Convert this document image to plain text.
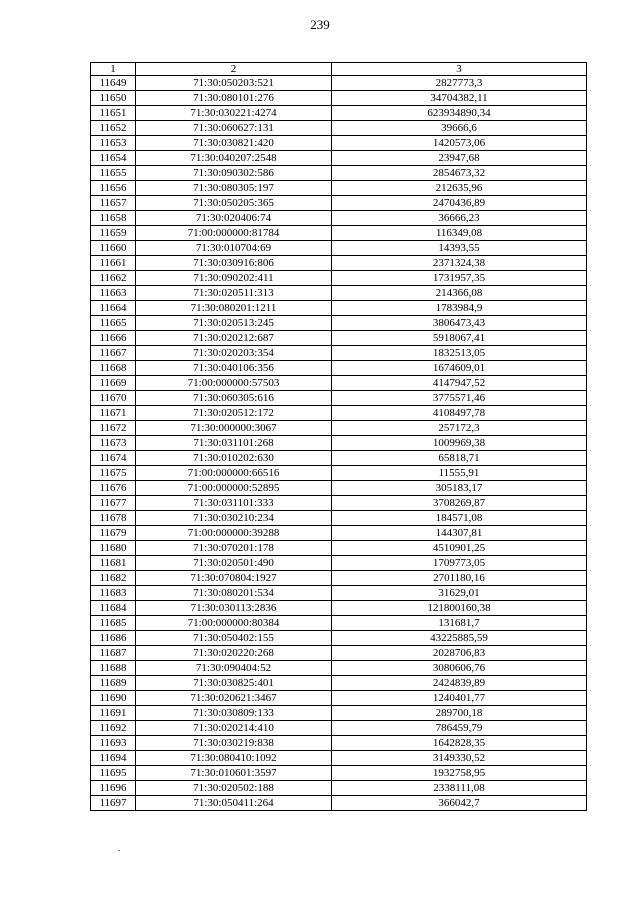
239
1	2	3
11649	71:30:050203:521	2827773,3
11650	71:30:080101:276	34704382,11
11651	71:30:030221:4274	623934890,34
11652	71:30:060627:131	39666,6
11653	71:30:030821:420	1420573,06
11654	71:30:040207:2548	23947,68
11655	71:30:090302:586	2854673,32
11656	71:30:080305:197	212635,96
11657	71:30:050205:365	2470436,89
11658	71:30:020406:74	36666,23
11659	71:00:000000:81784	116349,08
11660	71:30:010704:69	14393,55
11661	71:30:030916:806	2371324,38
11662	71:30:090202:411	1731957,35
11663	71:30:020511:313	214366,08
11664	71:30:080201:1211	1783984,9
11665	71:30:020513:245	3806473,43
11666	71:30:020212:687	5918067,41
11667	71:30:020203:354	1832513,05
11668	71:30:040106:356	1674609,01
11669	71:00:000000:57503	4147947,52
11670	71:30:060305:616	3775571,46
11671	71:30:020512:172	4108497,78
11672	71:30:000000:3067	257172,3
11673	71:30:031101:268	1009969,38
11674	71:30:010202:630	65818,71
11675	71:00:000000:66516	11555,91
11676	71:00:000000:52895	305183,17
11677	71:30:031101:333	3708269,87
11678	71:30:030210:234	184571,08
11679	71:00:000000:39288	144307,81
11680	71:30:070201:178	4510901,25
11681	71:30:020501:490	1709773,05
11682	71:30:070804:1927	2701180,16
11683	71:30:080201:534	31629,01
11684	71:30:030113:2836	121800160,38
11685	71:00:000000:80384	131681,7
11686	71:30:050402:155	43225885,59
11687	71:30:020220:268	2028706,83
11688	71:30:090404:52	3080606,76
11689	71:30:030825:401	2424839,89
11690	71:30:020621:3467	1240401,77
11691	71:30:030809:133	289700,18
11692	71:30:020214:410	786459,79
11693	71:30:030219:838	1642828,35
11694	71:30:080410:1092	3149330,52
11695	71:30:010601:3597	1932758,95
11696	71:30:020502:188	2338111,08
11697	71:30:050411:264	366042,7
